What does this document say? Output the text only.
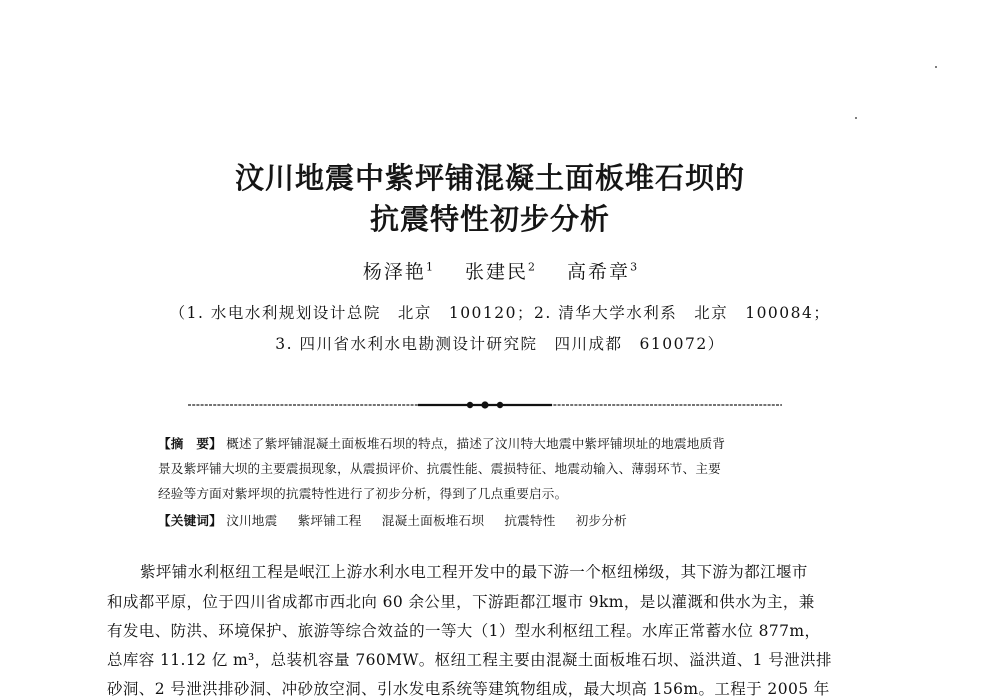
汶川地震中紫坪铺混凝土面板堆石坝的
抗震特性初步分析
杨泽艳$^1$ 张建民$^2$ 高希章$^3$
（1. 水电水利规划设计总院　北京　100120；2. 清华大学水利系　北京　100084；
3. 四川省水利水电勘测设计研究院　四川成都　610072）
【摘　要】 概述了紫坪铺混凝土面板堆石坝的特点，描述了汶川特大地震中紫坪铺坝址的地震地质背
景及紫坪铺大坝的主要震损现象，从震损评价、抗震性能、震损特征、地震动输入、薄弱环节、主要
经验等方面对紫坪坝的抗震特性进行了初步分析，得到了几点重要启示。
【关键词】 汶川地震 紫坪铺工程 混凝土面板堆石坝 抗震特性 初步分析
紫坪铺水利枢纽工程是岷江上游水利水电工程开发中的最下游一个枢纽梯级，其下游为都江堰市
和成都平原，位于四川省成都市西北向 60 余公里，下游距都江堰市 9km，是以灌溉和供水为主，兼
有发电、防洪、环境保护、旅游等综合效益的一等大（1）型水利枢纽工程。水库正常蓄水位 877m，
总库容 11.12 亿 m³，总装机容量 760MW。枢纽工程主要由混凝土面板堆石坝、溢洪道、1 号泄洪排
砂洞、2 号泄洪排砂洞、冲砂放空洞、引水发电系统等建筑物组成，最大坝高 156m。工程于 2005 年
